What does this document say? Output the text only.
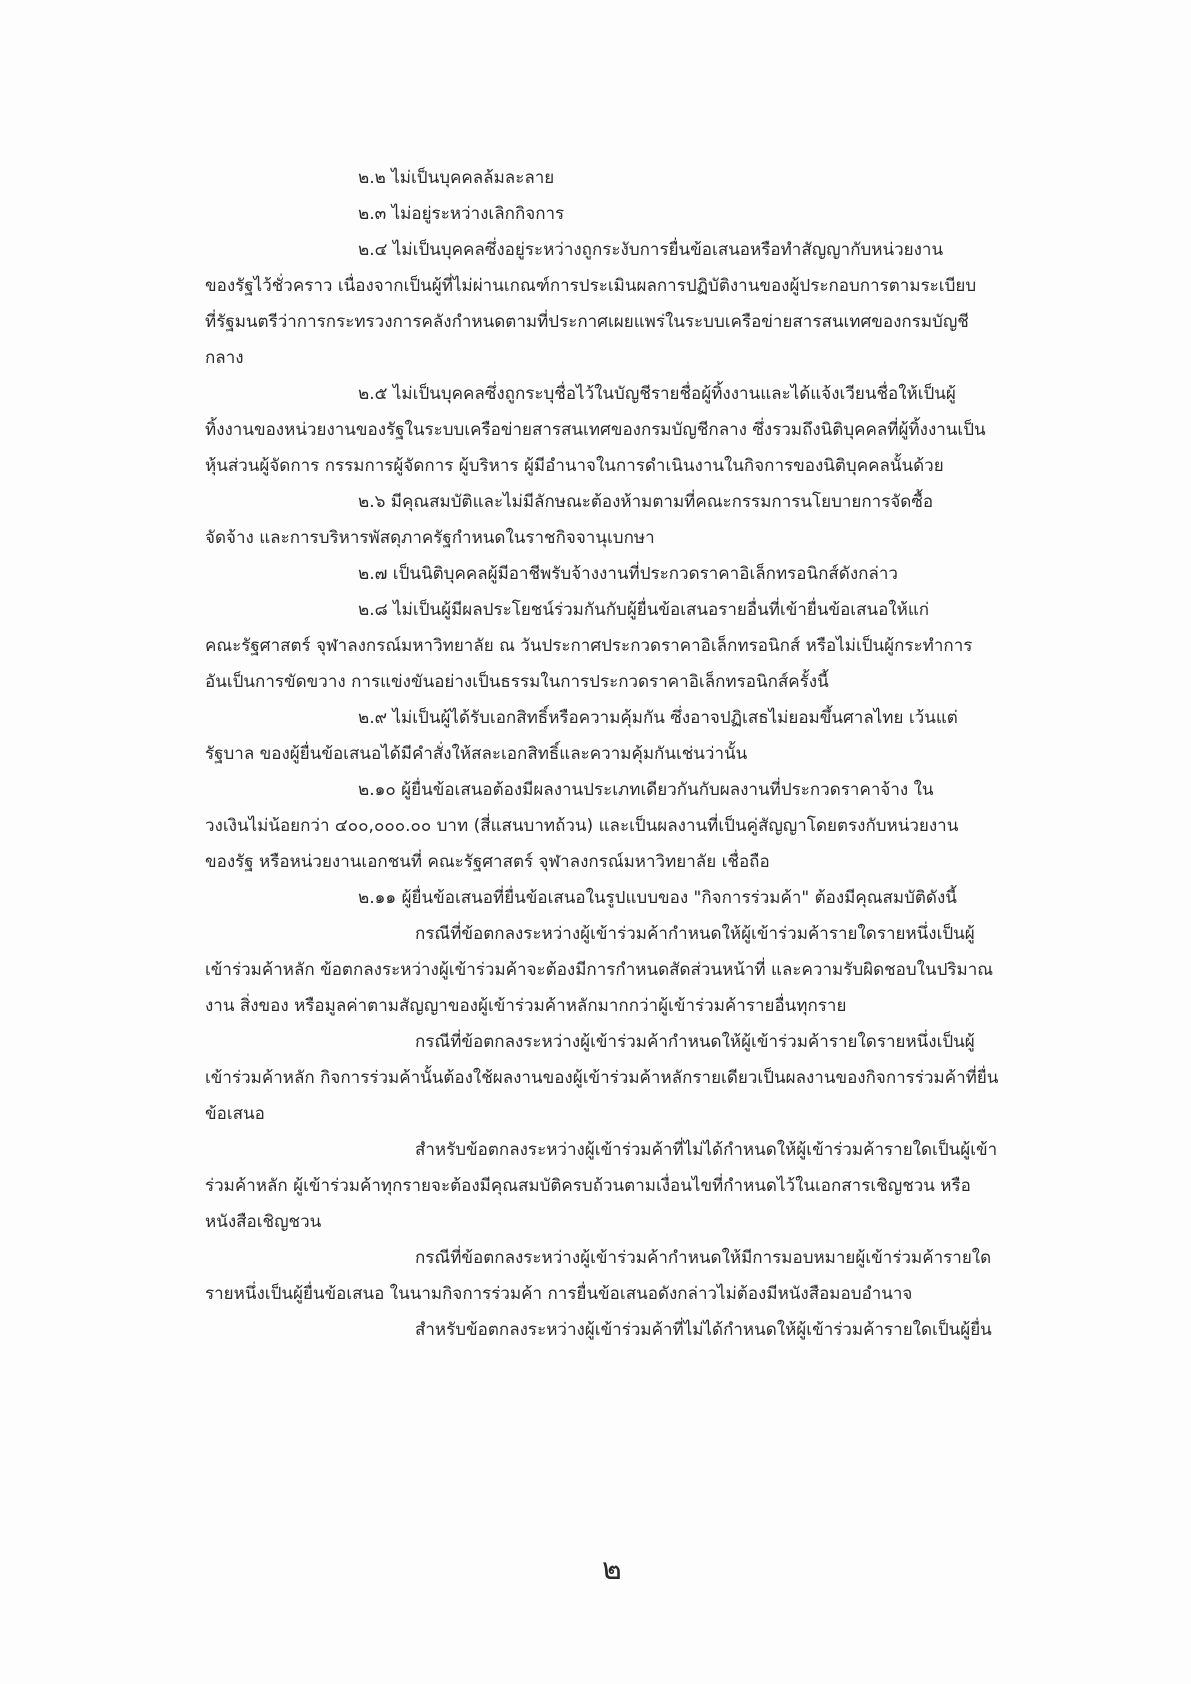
๒.๒ ไม่เป็นบุคคลล้มละลาย
๒.๓ ไม่อยู่ระหว่างเลิกกิจการ
๒.๔ ไม่เป็นบุคคลซึ่งอยู่ระหว่างถูกระงับการยื่นข้อเสนอหรือทำสัญญากับหน่วยงาน
ของรัฐไว้ชั่วคราว เนื่องจากเป็นผู้ที่ไม่ผ่านเกณฑ์การประเมินผลการปฏิบัติงานของผู้ประกอบการตามระเบียบ
ที่รัฐมนตรีว่าการกระทรวงการคลังกำหนดตามที่ประกาศเผยแพร่ในระบบเครือข่ายสารสนเทศของกรมบัญชี
กลาง
๒.๕ ไม่เป็นบุคคลซึ่งถูกระบุชื่อไว้ในบัญชีรายชื่อผู้ทิ้งงานและได้แจ้งเวียนชื่อให้เป็นผู้
ทิ้งงานของหน่วยงานของรัฐในระบบเครือข่ายสารสนเทศของกรมบัญชีกลาง ซึ่งรวมถึงนิติบุคคลที่ผู้ทิ้งงานเป็น
หุ้นส่วนผู้จัดการ กรรมการผู้จัดการ ผู้บริหาร ผู้มีอำนาจในการดำเนินงานในกิจการของนิติบุคคลนั้นด้วย
๒.๖ มีคุณสมบัติและไม่มีลักษณะต้องห้ามตามที่คณะกรรมการนโยบายการจัดซื้อ
จัดจ้าง และการบริหารพัสดุภาครัฐกำหนดในราชกิจจานุเบกษา
๒.๗ เป็นนิติบุคคลผู้มีอาชีพรับจ้างงานที่ประกวดราคาอิเล็กทรอนิกส์ดังกล่าว
๒.๘ ไม่เป็นผู้มีผลประโยชน์ร่วมกันกับผู้ยื่นข้อเสนอรายอื่นที่เข้ายื่นข้อเสนอให้แก่
คณะรัฐศาสตร์ จุฬาลงกรณ์มหาวิทยาลัย ณ วันประกาศประกวดราคาอิเล็กทรอนิกส์ หรือไม่เป็นผู้กระทำการ
อันเป็นการขัดขวาง การแข่งขันอย่างเป็นธรรมในการประกวดราคาอิเล็กทรอนิกส์ครั้งนี้
๒.๙ ไม่เป็นผู้ได้รับเอกสิทธิ์หรือความคุ้มกัน ซึ่งอาจปฏิเสธไม่ยอมขึ้นศาลไทย เว้นแต่
รัฐบาล ของผู้ยื่นข้อเสนอได้มีคำสั่งให้สละเอกสิทธิ์และความคุ้มกันเช่นว่านั้น
๒.๑๐ ผู้ยื่นข้อเสนอต้องมีผลงานประเภทเดียวกันกับผลงานที่ประกวดราคาจ้าง ใน
วงเงินไม่น้อยกว่า ๔๐๐,๐๐๐.๐๐ บาท (สี่แสนบาทถ้วน) และเป็นผลงานที่เป็นคู่สัญญาโดยตรงกับหน่วยงาน
ของรัฐ หรือหน่วยงานเอกชนที่ คณะรัฐศาสตร์ จุฬาลงกรณ์มหาวิทยาลัย เชื่อถือ
๒.๑๑ ผู้ยื่นข้อเสนอที่ยื่นข้อเสนอในรูปแบบของ "กิจการร่วมค้า" ต้องมีคุณสมบัติดังนี้
กรณีที่ข้อตกลงระหว่างผู้เข้าร่วมค้ากำหนดให้ผู้เข้าร่วมค้ารายใดรายหนึ่งเป็นผู้
เข้าร่วมค้าหลัก ข้อตกลงระหว่างผู้เข้าร่วมค้าจะต้องมีการกำหนดสัดส่วนหน้าที่ และความรับผิดชอบในปริมาณ
งาน สิ่งของ หรือมูลค่าตามสัญญาของผู้เข้าร่วมค้าหลักมากกว่าผู้เข้าร่วมค้ารายอื่นทุกราย
กรณีที่ข้อตกลงระหว่างผู้เข้าร่วมค้ากำหนดให้ผู้เข้าร่วมค้ารายใดรายหนึ่งเป็นผู้
เข้าร่วมค้าหลัก กิจการร่วมค้านั้นต้องใช้ผลงานของผู้เข้าร่วมค้าหลักรายเดียวเป็นผลงานของกิจการร่วมค้าที่ยื่น
ข้อเสนอ
สำหรับข้อตกลงระหว่างผู้เข้าร่วมค้าที่ไม่ได้กำหนดให้ผู้เข้าร่วมค้ารายใดเป็นผู้เข้า
ร่วมค้าหลัก ผู้เข้าร่วมค้าทุกรายจะต้องมีคุณสมบัติครบถ้วนตามเงื่อนไขที่กำหนดไว้ในเอกสารเชิญชวน หรือ
หนังสือเชิญชวน
กรณีที่ข้อตกลงระหว่างผู้เข้าร่วมค้ากำหนดให้มีการมอบหมายผู้เข้าร่วมค้ารายใด
รายหนึ่งเป็นผู้ยื่นข้อเสนอ ในนามกิจการร่วมค้า การยื่นข้อเสนอดังกล่าวไม่ต้องมีหนังสือมอบอำนาจ
สำหรับข้อตกลงระหว่างผู้เข้าร่วมค้าที่ไม่ได้กำหนดให้ผู้เข้าร่วมค้ารายใดเป็นผู้ยื่น
๒
